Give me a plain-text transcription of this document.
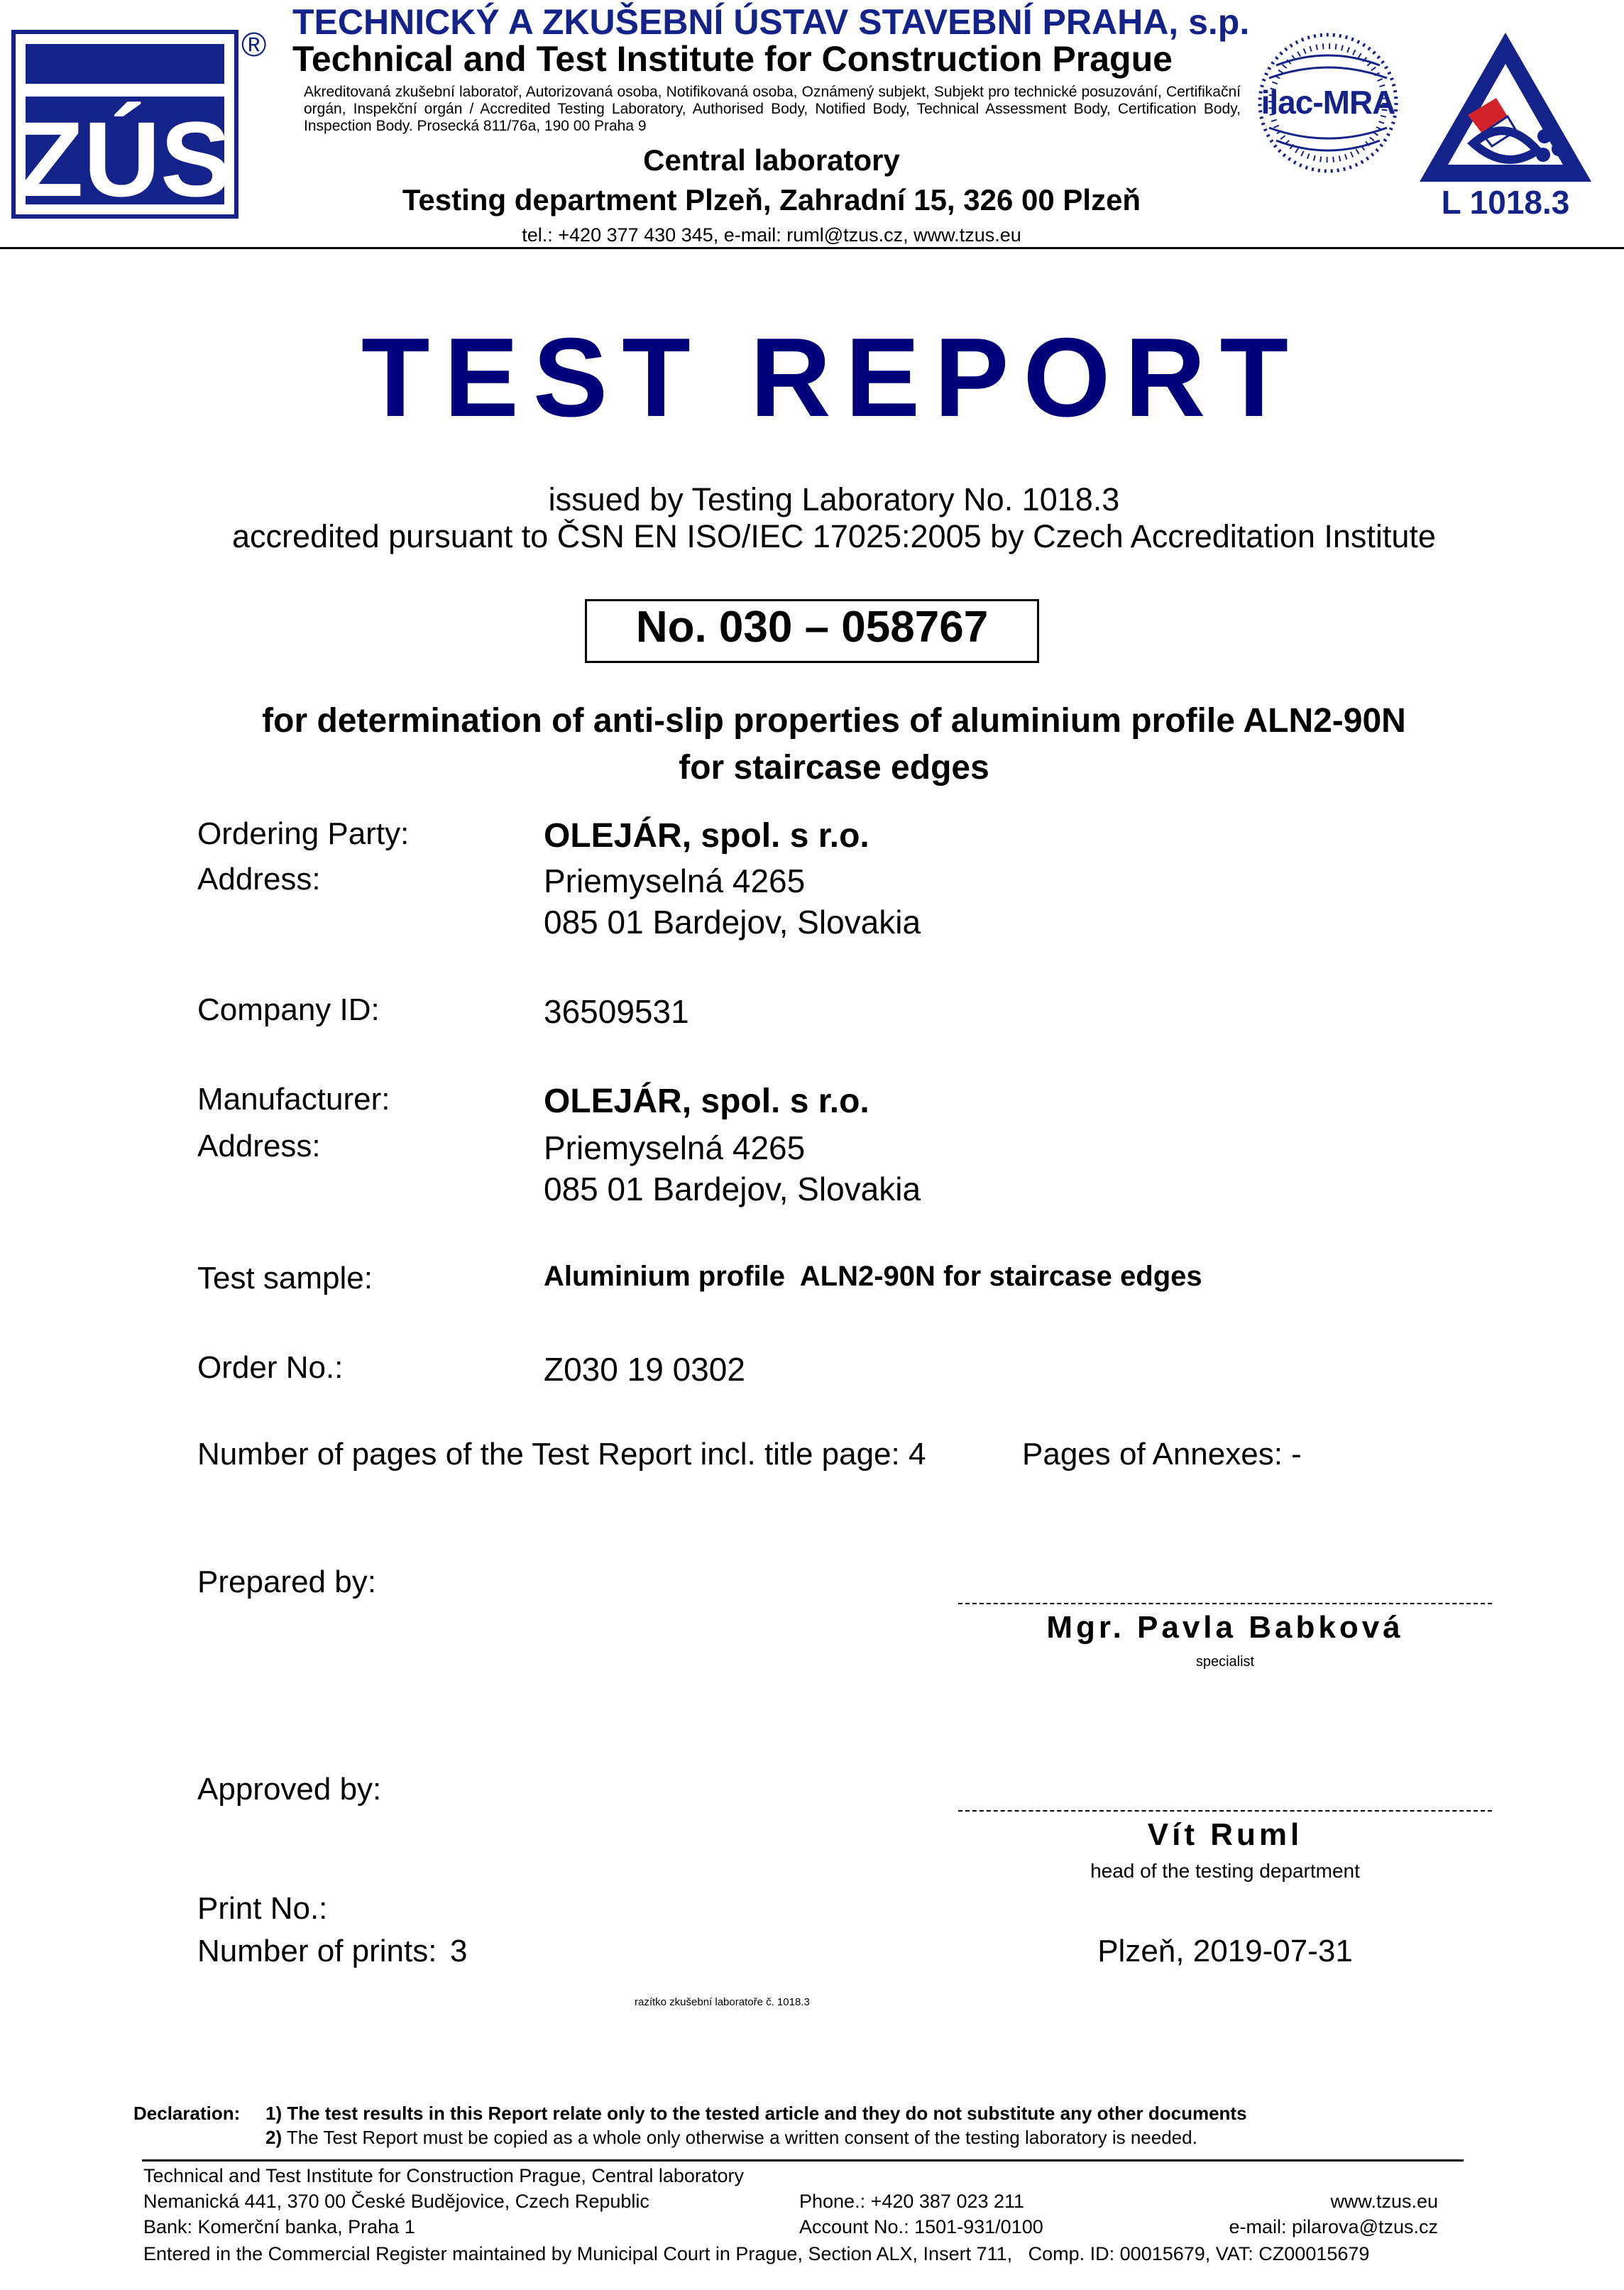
ZÚS
®
TECHNICKÝ A ZKUŠEBNÍ ÚSTAV STAVEBNÍ PRAHA, s.p.
Technical and Test Institute for Construction Prague
Akreditovaná zkušební laboratoř, Autorizovaná osoba, Notifikovaná osoba, Oznámený subjekt, Subjekt pro technické posuzování, Certifikační orgán, Inspekční orgán / Accredited Testing Laboratory, Authorised Body, Notified Body, Technical Assessment Body, Certification Body, Inspection Body. Prosecká 811/76a, 190 00 Praha 9
Central laboratory
Testing department Plzeň, Zahradní 15, 326 00 Plzeň
tel.: +420 377 430 345, e-mail: ruml@tzus.cz, www.tzus.eu
ilac-MRA
L 1018.3
TEST REPORT
issued by Testing Laboratory No. 1018.3
accredited pursuant to ČSN EN ISO/IEC 17025:2005 by Czech Accreditation Institute
No. 030 – 058767
for determination of anti-slip properties of aluminium profile ALN2-90N
for staircase edges
Ordering Party:	OLEJÁR, spol. s r.o.
Address:	Priemyselná 4265
085 01 Bardejov, Slovakia
Company ID:	36509531
Manufacturer:	OLEJÁR, spol. s r.o.
Address:	Priemyselná 4265
085 01 Bardejov, Slovakia
Test sample:	Aluminium profile  ALN2-90N for staircase edges
Order No.:	Z030 19 0302
Number of pages of the Test Report incl. title page: 4	Pages of Annexes: -
Prepared by:
Mgr. Pavla Babková
specialist
Approved by:
Vít Ruml
head of the testing department
Print No.:
Number of prints: 3	Plzeň, 2019-07-31
razítko zkušební laboratoře č. 1018.3
Declaration: 1) The test results in this Report relate only to the tested article and they do not substitute any other documents
2) The Test Report must be copied as a whole only otherwise a written consent of the testing laboratory is needed.
Technical and Test Institute for Construction Prague, Central laboratory
Nemanická 441, 370 00 České Budějovice, Czech Republic	Phone.: +420 387 023 211	www.tzus.eu
Bank: Komerční banka, Praha 1	Account No.: 1501-931/0100	e-mail: pilarova@tzus.cz
Entered in the Commercial Register maintained by Municipal Court in Prague, Section ALX, Insert 711,   Comp. ID: 00015679, VAT: CZ00015679
